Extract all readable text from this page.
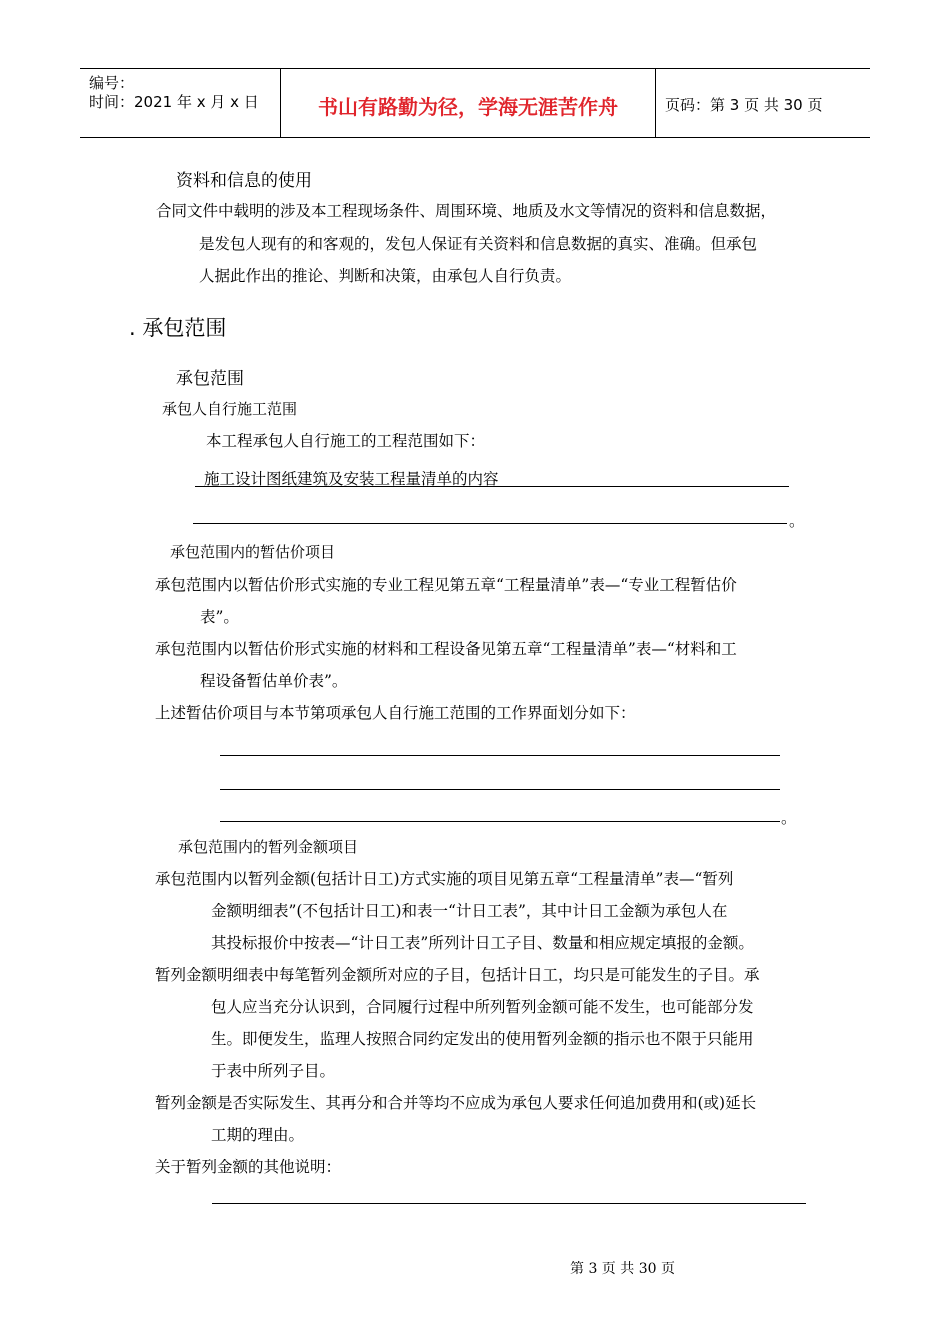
编号：
时间：2021 年 x 月 x 日	书山有路勤为径，学海无涯苦作舟	页码：第 3 页 共 30 页
资料和信息的使用
合同文件中载明的涉及本工程现场条件、周围环境、地质及水文等情况的资料和信息数据，
是发包人现有的和客观的，发包人保证有关资料和信息数据的真实、准确。但承包
人据此作出的推论、判断和决策，由承包人自行负责。
. 承包范围
承包范围
承包人自行施工范围
本工程承包人自行施工的工程范围如下：
施工设计图纸建筑及安装工程量清单的内容
。
承包范围内的暂估价项目
承包范围内以暂估价形式实施的专业工程见第五章“工程量清单”表—“专业工程暂估价
表”。
承包范围内以暂估价形式实施的材料和工程设备见第五章“工程量清单”表—“材料和工
程设备暂估单价表”。
上述暂估价项目与本节第项承包人自行施工范围的工作界面划分如下：
。
承包范围内的暂列金额项目
承包范围内以暂列金额(包括计日工)方式实施的项目见第五章“工程量清单”表—“暂列
金额明细表”(不包括计日工)和表一“计日工表”，其中计日工金额为承包人在
其投标报价中按表—“计日工表”所列计日工子目、数量和相应规定填报的金额。
暂列金额明细表中每笔暂列金额所对应的子目，包括计日工，均只是可能发生的子目。承
包人应当充分认识到，合同履行过程中所列暂列金额可能不发生，也可能部分发
生。即便发生，监理人按照合同约定发出的使用暂列金额的指示也不限于只能用
于表中所列子目。
暂列金额是否实际发生、其再分和合并等均不应成为承包人要求任何追加费用和(或)延长
工期的理由。
关于暂列金额的其他说明：
第 3 页 共 30 页
